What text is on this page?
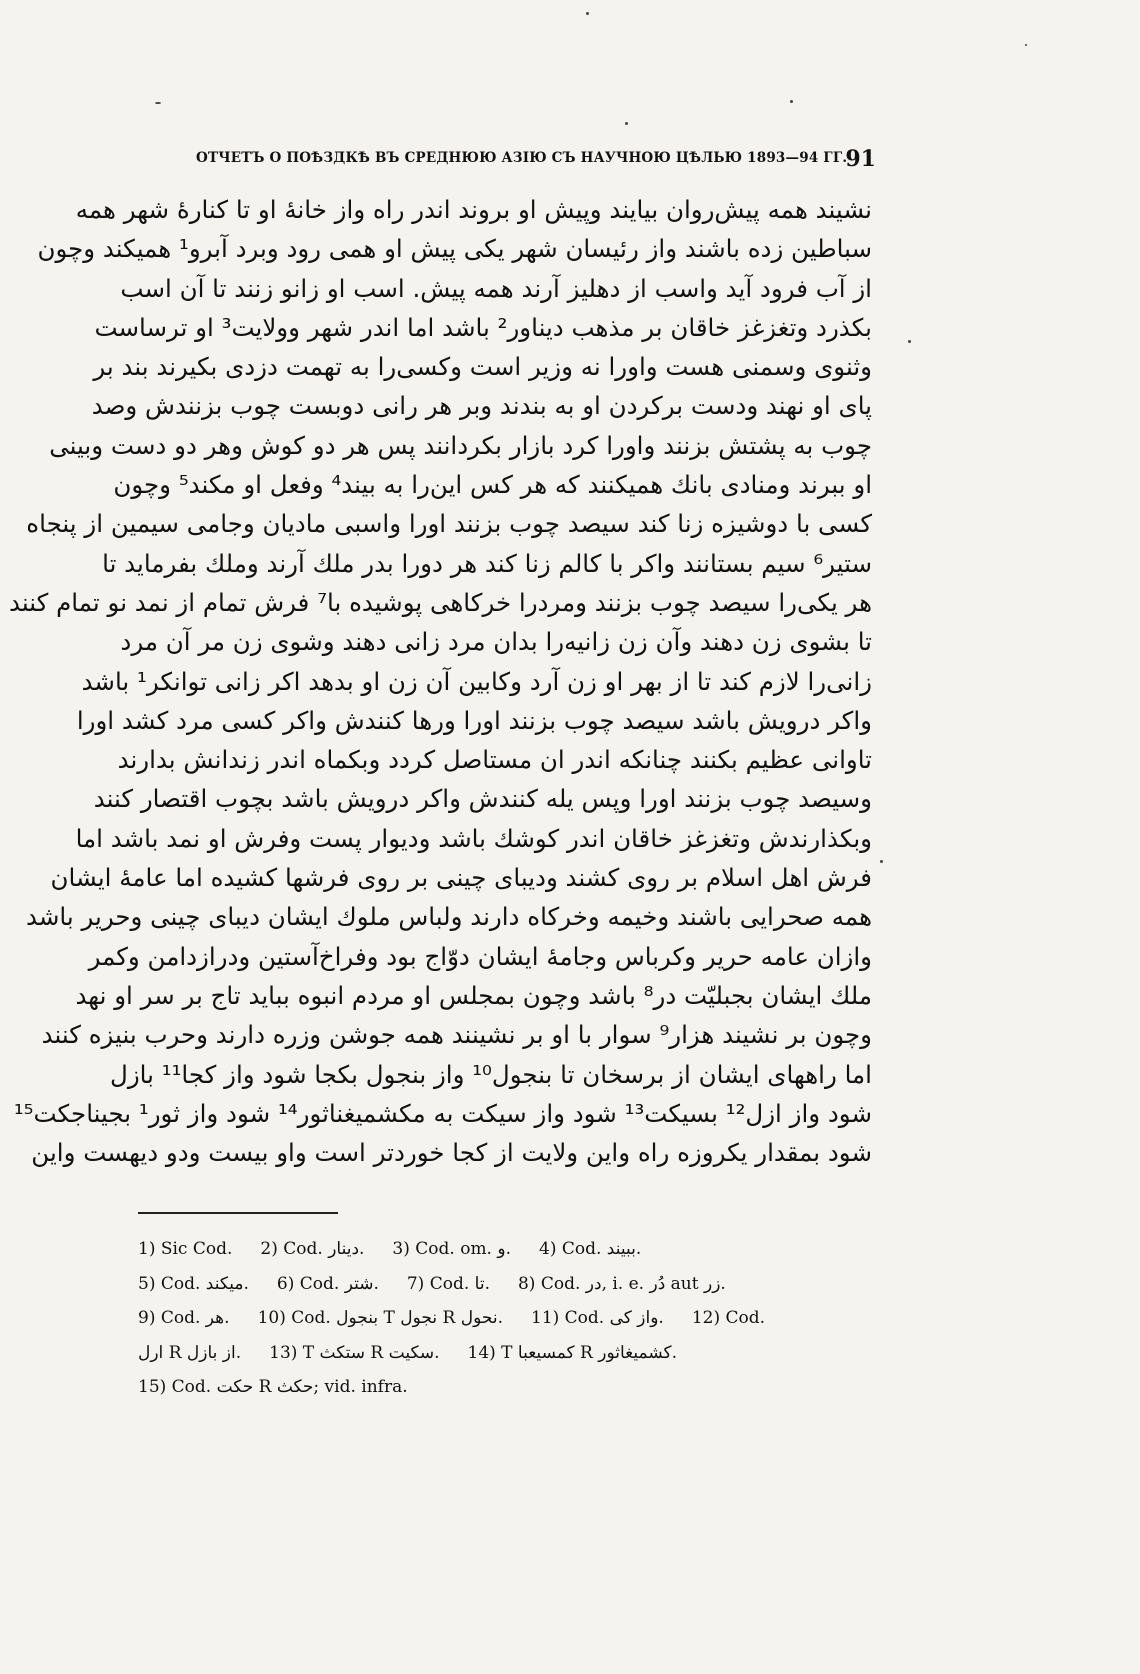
ОТЧЕТЪ О ПОѢЗДКѢ ВЪ СРЕДНЮЮ АЗІЮ СЪ НАУЧНОЮ ЦѢЛЬЮ 1893—94 ГГ.
91
نشیند همه پیش‌روان بیایند وپیش او بروند اندر راه واز خانهٔ او تا کنارهٔ شهر همه
سباطین زده باشند واز رئیسان شهر یکی پیش او همی رود وبرد آبرو¹ همیکند وچون
از آب فرود آید واسب از دهلیز آرند همه پیش. اسب او زانو زنند تا آن اسب
بکذرد وتغزغز خاقان بر مذهب دیناور² باشد اما اندر شهر وولایت³ او ترساست
وثنوی وسمنی هست واورا نه وزیر است وکسی‌را به تهمت دزدی بکیرند بند بر
پای او نهند ودست برکردن او به بندند وبر هر رانی دوبست چوب بزنندش وصد
چوب به پشتش بزنند واورا کرد بازار بکردانند پس هر دو کوش وهر دو دست وبینی
او ببرند ومنادی بانك همیکنند که هر کس این‌را به بیند⁴ وفعل او مکند⁵ وچون
کسی با دوشیزه زنا کند سیصد چوب بزنند اورا واسبی مادیان وجامی سیمین از پنجاه
ستیر⁶ سیم بستانند واکر با کالم زنا کند هر دورا بدر ملك آرند وملك بفرماید تا
هر یکی‌را سیصد چوب بزنند ومردرا خرکاهی پوشیده با⁷ فرش تمام از نمد نو تمام کنند
تا بشوی زن دهند وآن زن زانیه‌را بدان مرد زانی دهند وشوی زن مر آن مرد
زانی‌را لازم کند تا از بهر او زن آرد وکابین آن زن او بدهد اکر زانی توانکر¹ باشد
واکر درویش باشد سیصد چوب بزنند اورا ورها کنندش واکر کسی مرد کشد اورا
تاوانی عظیم بکنند چنانکه اندر ان مستاصل کردد وبکماه اندر زندانش بدارند
وسیصد چوب بزنند اورا وپس یله کنندش واکر درویش باشد بچوب اقتصار کنند
وبکذارندش وتغزغز خاقان اندر کوشك باشد ودیوار پست وفرش او نمد باشد اما
فرش اهل اسلام بر روی کشند ودیبای چینی بر روی فرشها کشیده اما عامهٔ ایشان
همه صحرایی باشند وخیمه وخرکاه دارند ولباس ملوك ایشان دیبای چینی وحریر باشد
وازان عامه حریر وکرباس وجامهٔ ایشان دوّاج بود وفراخ‌آستین ودرازدامن وکمر
ملك ایشان بجبلیّت در⁸ باشد وچون بمجلس او مردم انبوه بباید تاج بر سر او نهد
وچون بر نشیند هزار⁹ سوار با او بر نشینند همه جوشن وزره دارند وحرب بنیزه کنند
اما راههای ایشان از برسخان تا بنجول¹⁰ واز بنجول بکجا شود واز کجا¹¹ بازل
شود واز ازل¹² بسیکت¹³ شود واز سیکت به مکشمیغناثور¹⁴ شود واز ثور¹ بجیناجکت¹⁵
شود بمقدار یکروزه راه واین ولایت از کجا خوردتر است واو بیست ودو دیهست واین
1) Sic Cod. 2) Cod. دینار. 3) Cod. om. و. 4) Cod. ببیند.
5) Cod. میکند. 6) Cod. شتر. 7) Cod. تا. 8) Cod. در, i. e. دُر aut زر.
9) Cod. هر. 10) Cod. بنجول T نجول R نحول. 11) Cod. واز کی. 12) Cod.
ارل R از بازل. 13) T ستکث R سکیت. 14) T کمسیعبا R کشمیغاثور.
15) Cod. حکت R حکث; vid. infra.
